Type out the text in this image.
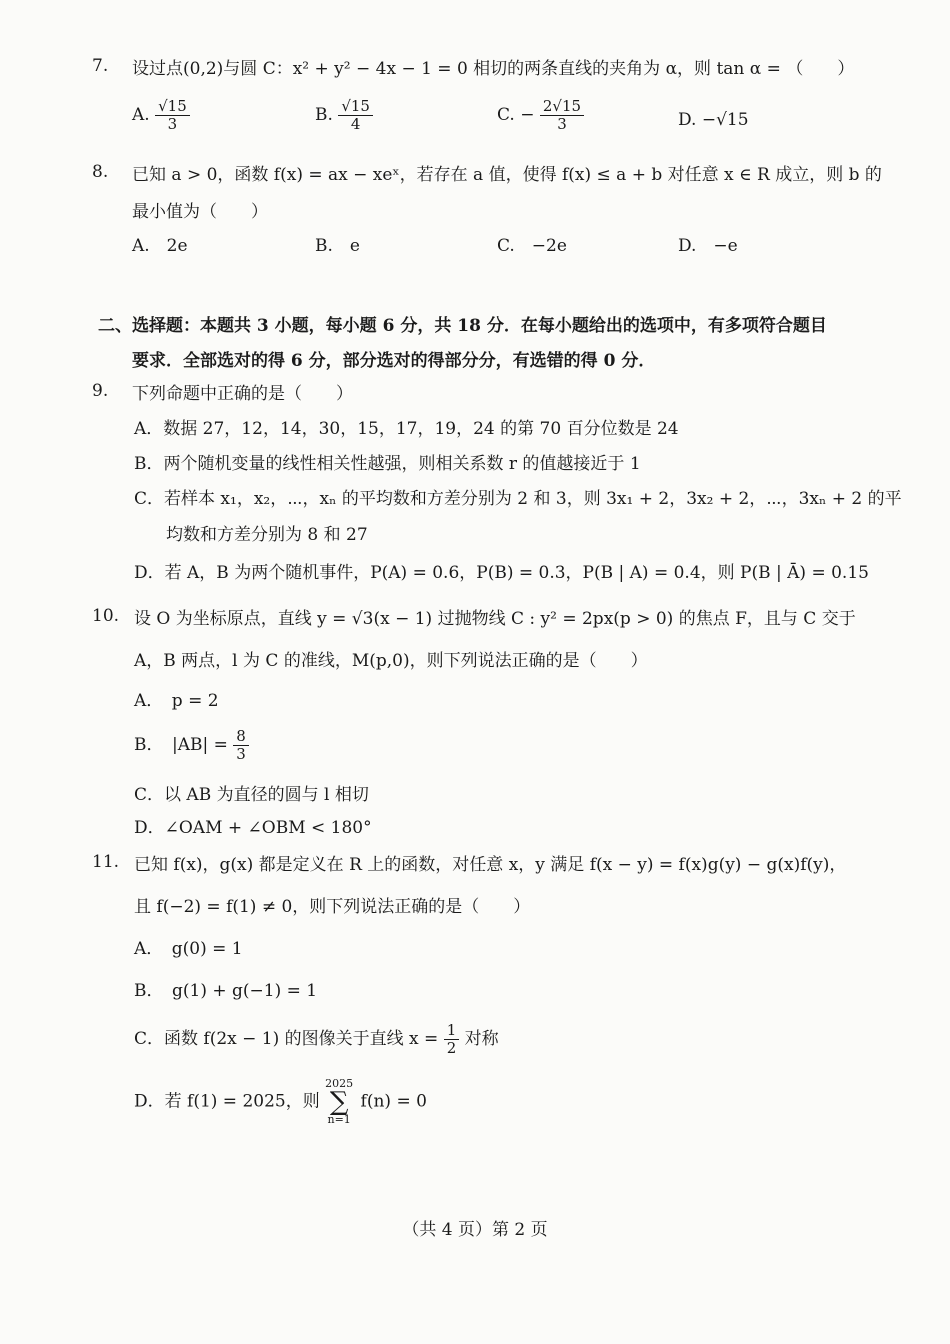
7. 设过点(0,2)与圆 C：x² + y² − 4x − 1 = 0 相切的两条直线的夹角为 α，则 tan α = （　　）
A. $\frac{√15}{3}$	B. $\frac{√15}{4}$	C. − $\frac{2√15}{3}$	D. −√15
8. 已知 a > 0，函数 f(x) = ax − xeˣ，若存在 a 值，使得 f(x) ≤ a + b 对任意 x ∈ R 成立，则 b 的
最小值为（　　）
A.　2e	B.　e	C.　−2e	D.　−e
二、选择题：本题共 3 小题，每小题 6 分，共 18 分．在每小题给出的选项中，有多项符合题目
要求．全部选对的得 6 分，部分选对的得部分分，有选错的得 0 分．
9. 下列命题中正确的是（　　）
A．数据 27，12，14，30，15，17，19，24 的第 70 百分位数是 24
B．两个随机变量的线性相关性越强，则相关系数 r 的值越接近于 1
C．若样本 x₁，x₂，⋯，xₙ 的平均数和方差分别为 2 和 3，则 3x₁ + 2，3x₂ + 2，⋯，3xₙ + 2 的平
均数和方差分别为 8 和 27
D．若 A，B 为两个随机事件，P(A) = 0.6，P(B) = 0.3，P(B | A) = 0.4，则 P(B | Ā) = 0.15
10. 设 O 为坐标原点，直线 y = √3(x − 1) 过抛物线 C : y² = 2px(p > 0) 的焦点 F，且与 C 交于
A，B 两点，l 为 C 的准线，M(p,0)，则下列说法正确的是（　　）
A．　p = 2
B．　$|AB| = \frac{8}{3}$
C．以 AB 为直径的圆与 l 相切
D．∠OAM + ∠OBM < 180°
11. 已知 f(x)，g(x) 都是定义在 R 上的函数，对任意 x，y 满足 f(x − y) = f(x)g(y) − g(x)f(y)，
且 f(−2) = f(1) ≠ 0，则下列说法正确的是（　　）
A．　g(0) = 1
B．　g(1) + g(−1) = 1
C．函数 f(2x − 1) 的图像关于直线 $x = \frac{1}{2}$ 对称
D．若 f(1) = 2025，则 2025
∑
n=1 f(n) = 0
（共 4 页）第 2 页
